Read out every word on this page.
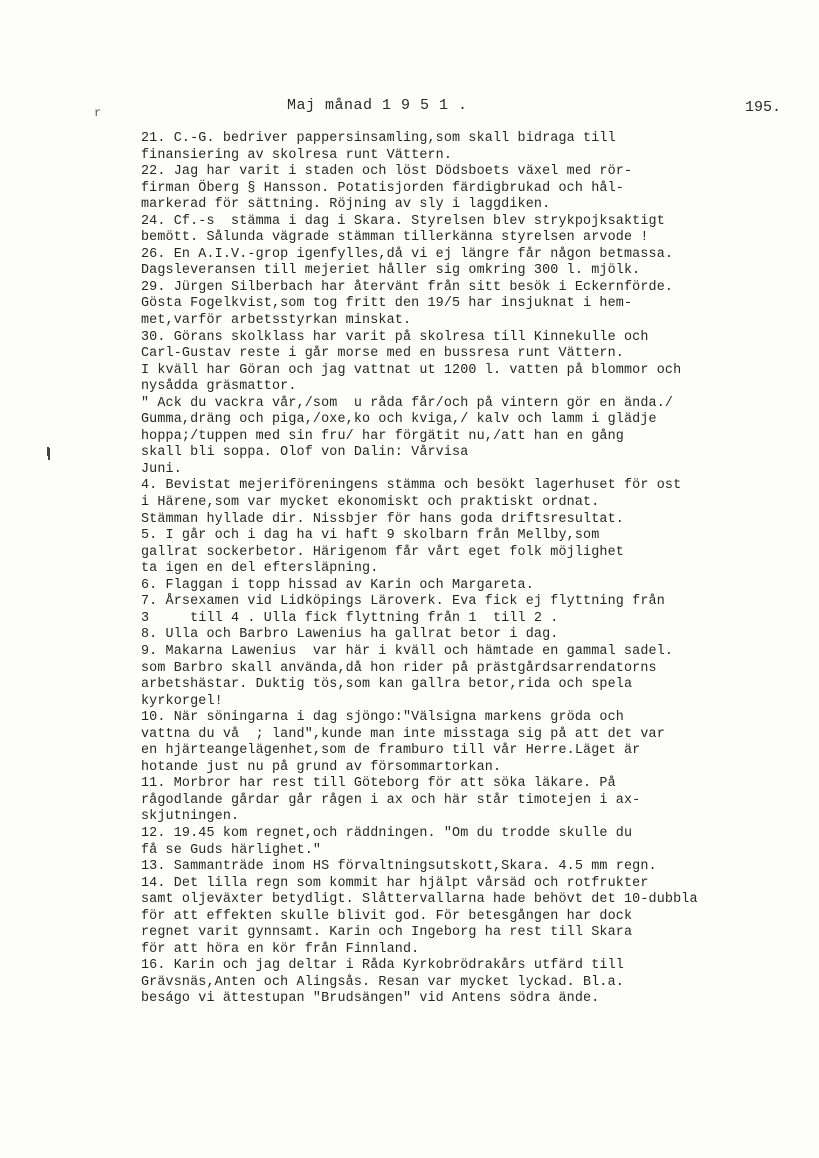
Maj månad 1 9 5 1 .	195.
r
21. C.-G. bedriver pappersinsamling,som skall bidraga till
finansiering av skolresa runt Vättern.
22. Jag har varit i staden och löst Dödsboets växel med rör-
firman Öberg § Hansson. Potatisjorden färdigbrukad och hål-
markerad för sättning. Röjning av sly i laggdiken.
24. Cf.-s  stämma i dag i Skara. Styrelsen blev strykpojksaktigt
bemött. Sålunda vägrade stämman tillerkänna styrelsen arvode !
26. En A.I.V.-grop igenfylles,då vi ej längre får någon betmassa.
Dagsleveransen till mejeriet håller sig omkring 300 l. mjölk.
29. Jürgen Silberbach har återvänt från sitt besök i Eckernförde.
Gösta Fogelkvist,som tog fritt den 19/5 har insjuknat i hem-
met,varför arbetsstyrkan minskat.
30. Görans skolklass har varit på skolresa till Kinnekulle och
Carl-Gustav reste i går morse med en bussresa runt Vättern.
I kväll har Göran och jag vattnat ut 1200 l. vatten på blommor och
nysådda gräsmattor.
" Ack du vackra vår,/som  u råda får/och på vintern gör en ända./
Gumma,dräng och piga,/oxe,ko och kviga,/ kalv och lamm i glädje
hoppa;/tuppen med sin fru/ har förgätit nu,/att han en gång
skall bli soppa. Olof von Dalin: Vårvisa
Juni.
4. Bevistat mejeriföreningens stämma och besökt lagerhuset för ost
i Härene,som var mycket ekonomiskt och praktiskt ordnat.
Stämman hyllade dir. Nissbjer för hans goda driftsresultat.
5. I går och i dag ha vi haft 9 skolbarn från Mellby,som
gallrat sockerbetor. Härigenom får vårt eget folk möjlighet
ta igen en del eftersläpning.
6. Flaggan i topp hissad av Karin och Margareta.
7. Årsexamen vid Lidköpings Läroverk. Eva fick ej flyttning från
3     till 4 . Ulla fick flyttning från 1  till 2 .
8. Ulla och Barbro Lawenius ha gallrat betor i dag.
9. Makarna Lawenius  var här i kväll och hämtade en gammal sadel.
som Barbro skall använda,då hon rider på prästgårdsarrendatorns
arbetshästar. Duktig tös,som kan gallra betor,rida och spela
kyrkorgel!
10. När söningarna i dag sjöngo:"Välsigna markens gröda och
vattna du vå  ; land",kunde man inte misstaga sig på att det var
en hjärteangelägenhet,som de framburo till vår Herre.Läget är
hotande just nu på grund av försommartorkan.
11. Morbror har rest till Göteborg för att söka läkare. På
rågodlande gårdar går rågen i ax och här står timotejen i ax-
skjutningen.
12. 19.45 kom regnet,och räddningen. "Om du trodde skulle du
få se Guds härlighet."
13. Sammanträde inom HS förvaltningsutskott,Skara. 4.5 mm regn.
14. Det lilla regn som kommit har hjälpt vårsäd och rotfrukter
samt oljeväxter betydligt. Slåttervallarna hade behövt det 10-dubbla
för att effekten skulle blivit god. För betesgången har dock
regnet varit gynnsamt. Karin och Ingeborg ha rest till Skara
för att höra en kör från Finnland.
16. Karin och jag deltar i Råda Kyrkobrödrakårs utfärd till
Grävsnäs,Anten och Alingsås. Resan var mycket lyckad. Bl.a.
beságo vi ättestupan "Brudsängen" vid Antens södra ände.
